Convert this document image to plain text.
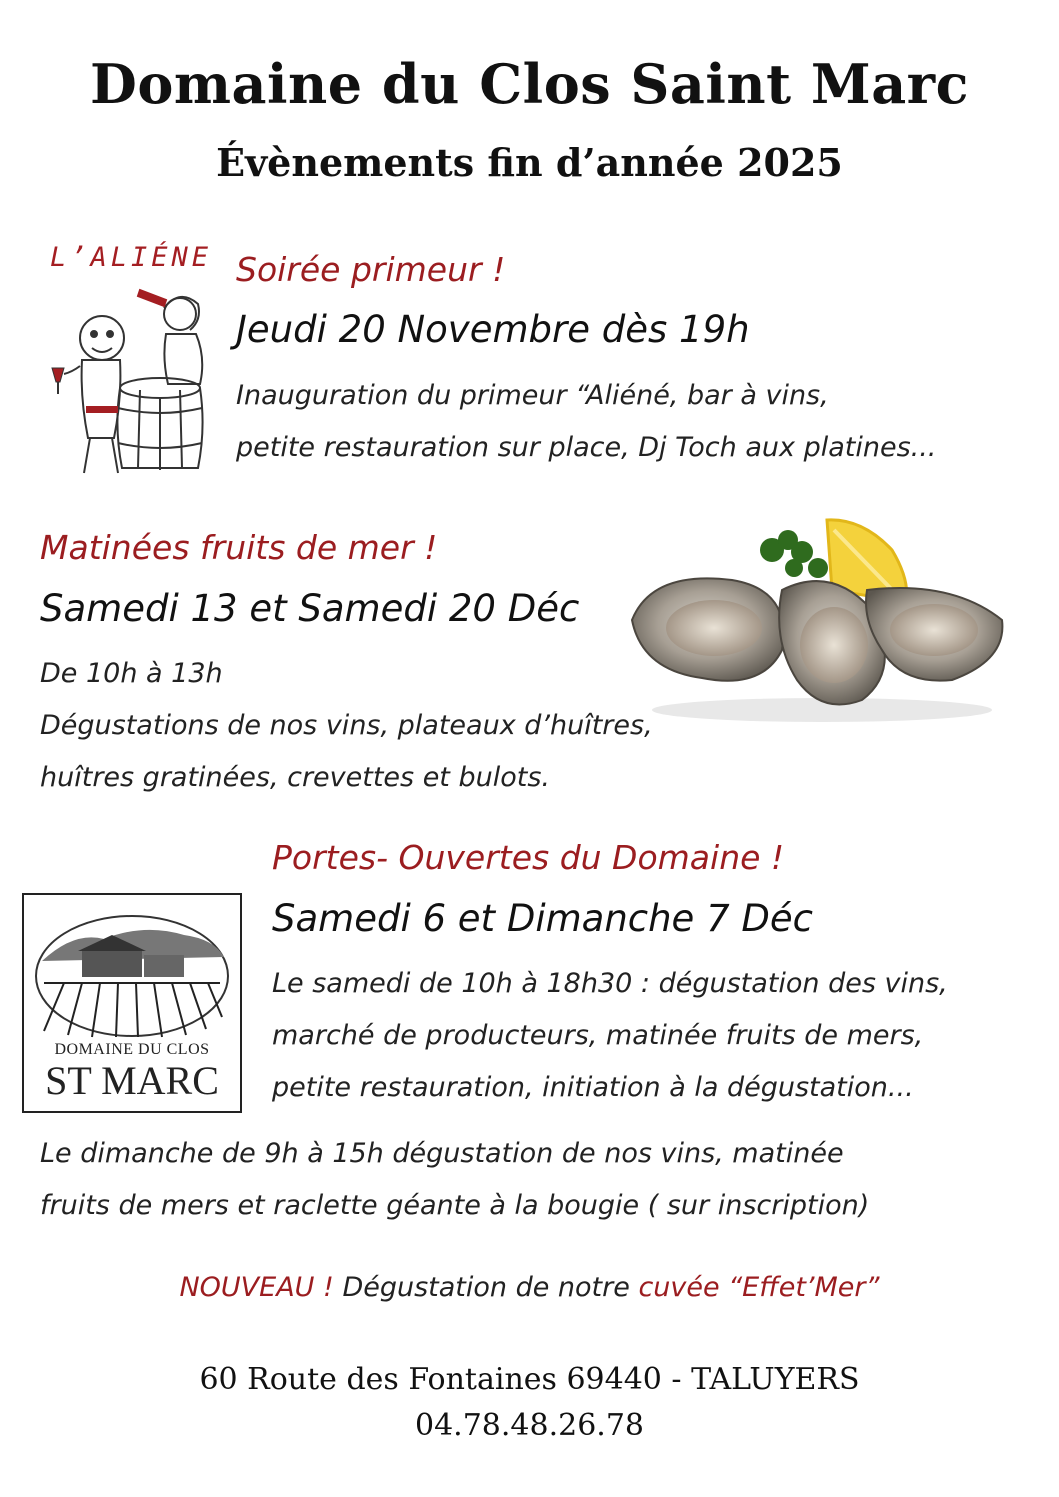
Domaine du Clos Saint Marc
Évènements fin d’année 2025
L’ALIÉNE Soirée primeur !
Jeudi 20 Novembre dès 19h
Inauguration du primeur “Aliéné, bar à vins,
petite restauration sur place, Dj Toch aux platines...
Matinées fruits de mer !
Samedi 13 et Samedi 20 Déc
De 10h à 13h
Dégustations de nos vins, plateaux d’huîtres,
huîtres gratinées, crevettes et bulots.
DOMAINE DU CLOS
ST MARC
Portes- Ouvertes du Domaine !
Samedi 6 et Dimanche 7 Déc
Le samedi de 10h à 18h30 : dégustation des vins,
marché de producteurs, matinée fruits de mers,
petite restauration, initiation à la dégustation...
Le dimanche de 9h à 15h dégustation de nos vins, matinée
fruits de mers et raclette géante à la bougie ( sur inscription)
NOUVEAU ! Dégustation de notre cuvée “Effet’Mer”
60 Route des Fontaines 69440 - TALUYERS
04.78.48.26.78
